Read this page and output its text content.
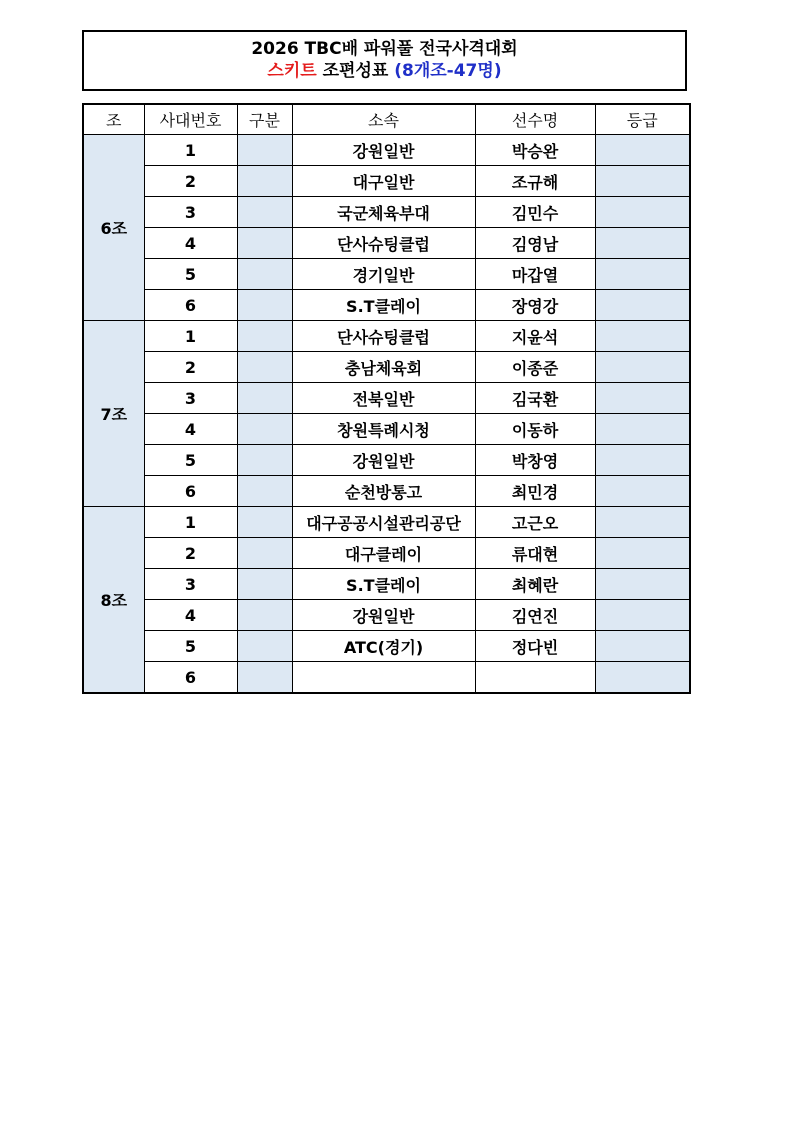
2026 TBC배 파워풀 전국사격대회
스키트 조편성표 (8개조-47명)
조	사대번호	구분	소속	선수명	등급
6조	1		강원일반	박승완	
	2		대구일반	조규해	
	3		국군체육부대	김민수	
	4		단사슈팅클럽	김영남	
	5		경기일반	마갑열	
	6		S.T클레이	장영강	
7조	1		단사슈팅클럽	지윤석	
	2		충남체육회	이종준	
	3		전북일반	김국환	
	4		창원특례시청	이동하	
	5		강원일반	박창영	
	6		순천방통고	최민경	
8조	1		대구공공시설관리공단	고근오	
	2		대구클레이	류대현	
	3		S.T클레이	최혜란	
	4		강원일반	김연진	
	5		ATC(경기)	정다빈	
	6				
